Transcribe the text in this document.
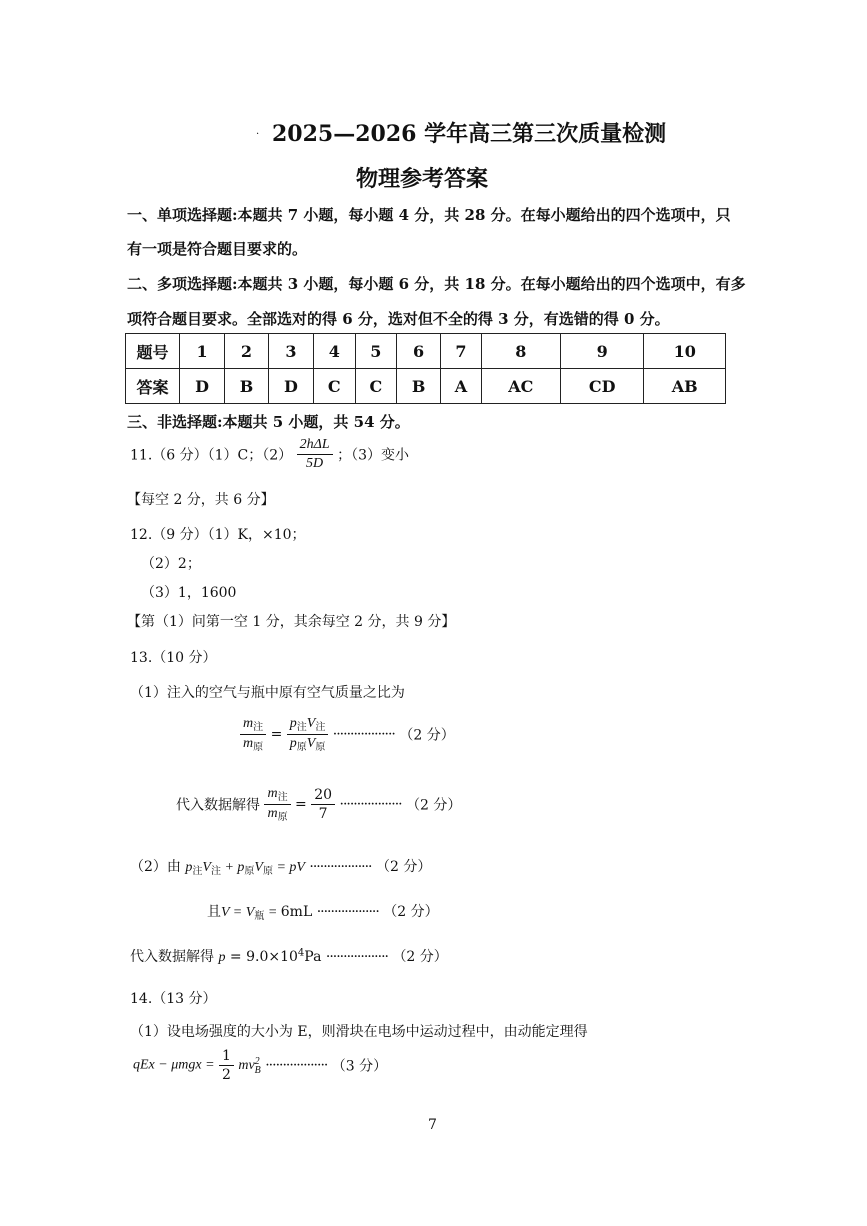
. 2025—2026 学年高三第三次质量检测
物理参考答案
一、单项选择题:本题共 7 小题，每小题 4 分，共 28 分。在每小题给出的四个选项中，只
有一项是符合题目要求的。
二、多项选择题:本题共 3 小题，每小题 6 分，共 18 分。在每小题给出的四个选项中，有多
项符合题目要求。全部选对的得 6 分，选对但不全的得 3 分，有选错的得 0 分。
题号	1	2	3	4	5	6	7	8	9	10
答案	D	B	D	C	C	B	A	AC	CD	AB
三、非选择题:本题共 5 小题，共 54 分。
11.（6 分）（1）C；$(2) \frac{\text{2hΔL}}{5D}$ ；（3）变小
【每空 2 分，共 6 分】
12.（9 分）（1）K，×10；
（2）2；
（3）1，1600
【第（1）问第一空 1 分，其余每空 2 分，共 9 分】
13.（10 分）
（1）注入的空气与瓶中原有空气质量之比为
$\frac{m_注}{m_原} = \frac{p_注V_注}{p_原V_原}$ ·················· （2 分）
代入数据解得 $\frac{m_注}{m_原} = \frac{20}{7}$ ·················· （2 分）
（2）由 $p_注V_注 + p_原V_原$ = pV ·················· （2 分）
且$V = V_瓶 = 6mL$ ·················· （2 分）
代入数据解得 $p = 9.0\times 10^4Pa$ ·················· （2 分）
14.（13 分）
（1）设电场强度的大小为 E，则滑块在电场中运动过程中，由动能定理得
qEx − $\mu mgx = \frac{1}{2}$ mv 2
B ·················· （3 分）
7
